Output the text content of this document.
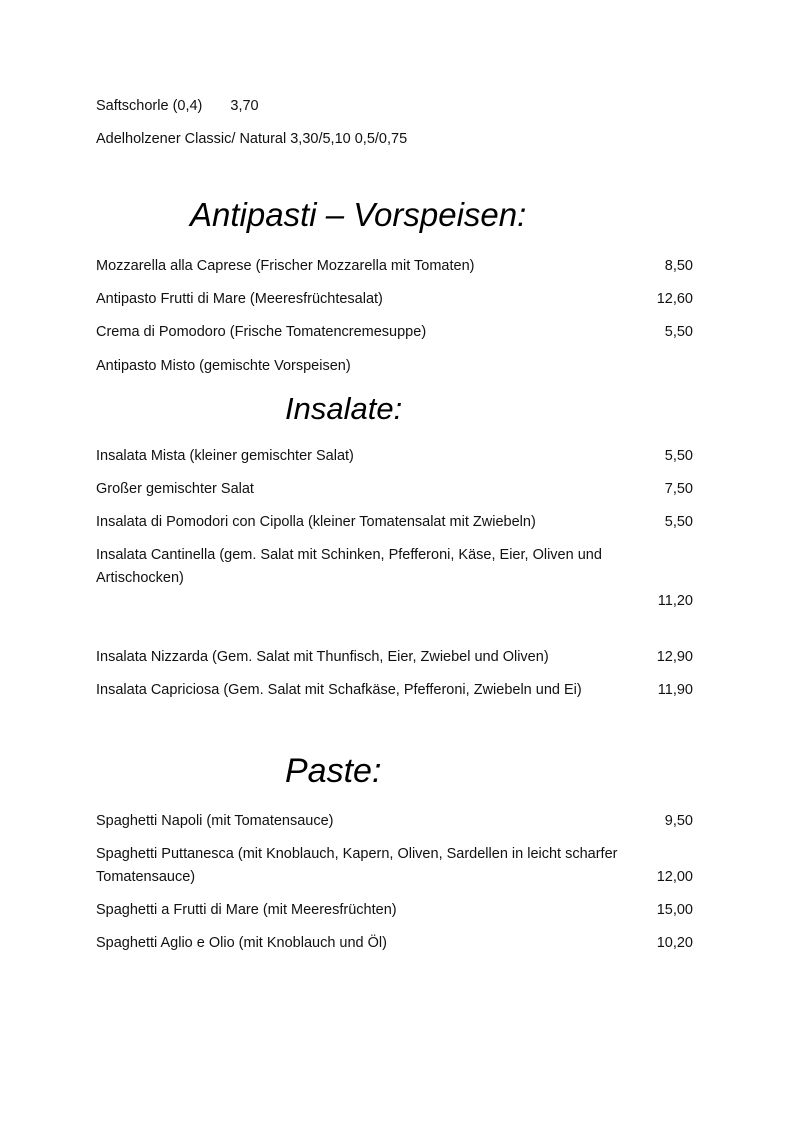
Saftschorle (0,4) 3,70
Adelholzener Classic/ Natural 3,30/5,10 0,5/0,75
Antipasti – Vorspeisen:
Mozzarella alla Caprese (Frischer Mozzarella mit Tomaten)	8,50
Antipasto Frutti di Mare (Meeresfrüchtesalat)	12,60
Crema di Pomodoro (Frische Tomatencremesuppe)	5,50
Antipasto Misto (gemischte Vorspeisen)
Insalate:
Insalata Mista (kleiner gemischter Salat)	5,50
Großer gemischter Salat	7,50
Insalata di Pomodori con Cipolla (kleiner Tomatensalat mit Zwiebeln)	5,50
Insalata Cantinella (gem. Salat mit Schinken, Pfefferoni, Käse, Eier, Oliven und
Artischocken)
11,20
Insalata Nizzarda (Gem. Salat mit Thunfisch, Eier, Zwiebel und Oliven)	12,90
Insalata Capriciosa (Gem. Salat mit Schafkäse, Pfefferoni, Zwiebeln und Ei)	11,90
Paste:
Spaghetti Napoli (mit Tomatensauce)	9,50
Spaghetti Puttanesca (mit Knoblauch, Kapern, Oliven, Sardellen in leicht scharfer
Tomatensauce)	12,00
Spaghetti a Frutti di Mare (mit Meeresfrüchten)	15,00
Spaghetti Aglio e Olio (mit Knoblauch und Öl)	10,20
